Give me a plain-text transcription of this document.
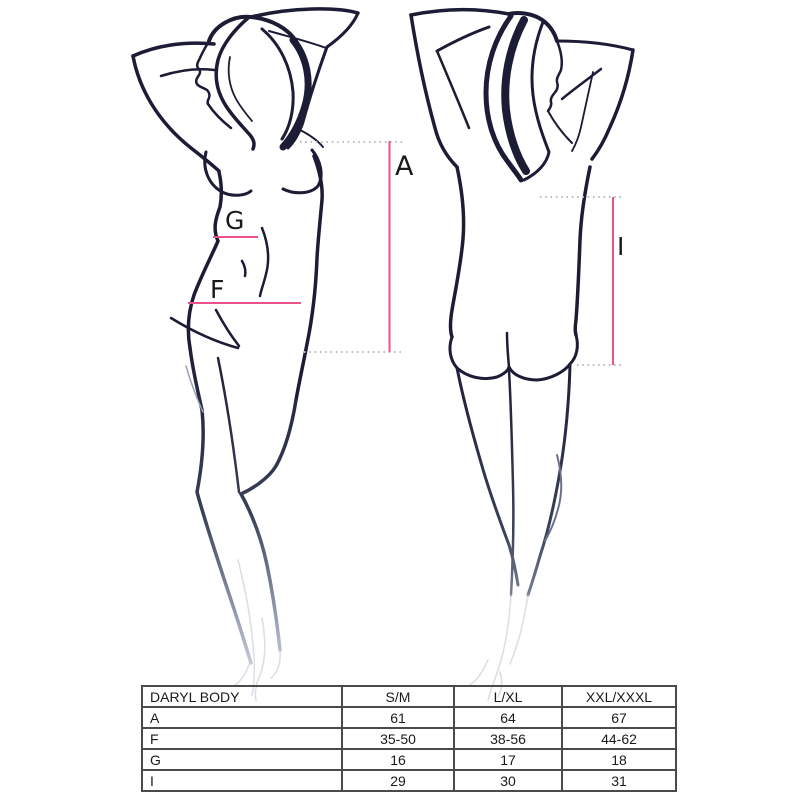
A
G
F
I
DARYL BODY	S/M	L/XL	XXL/XXXL
A	61	64	67
F	35-50	38-56	44-62
G	16	17	18
I	29	30	31
